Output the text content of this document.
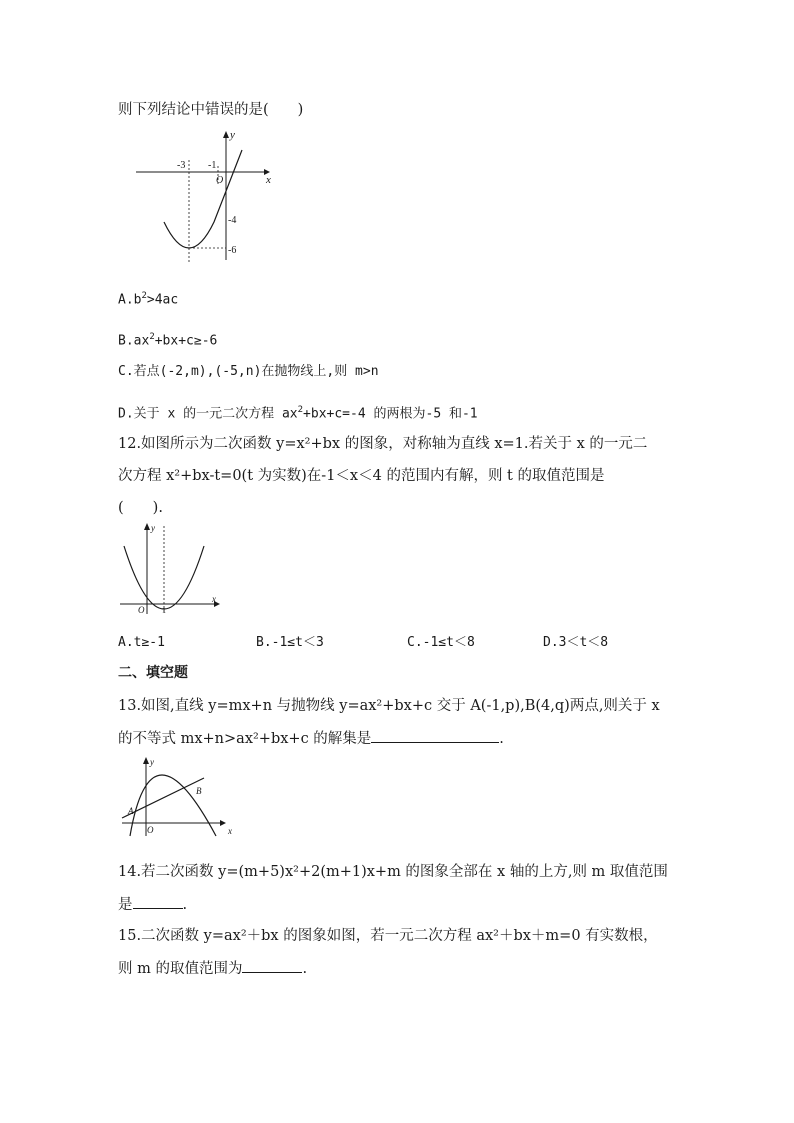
则下列结论中错误的是(　　)
x
y
O
-3 -1
-4
-6
$A.b^2>4ac$
$B.ax^2+bx+c\ge-6$
C.若点(-2,m),(-5,n)在抛物线上,则 m>n
D.关于 x 的一元二次方程 $ax^2+bx+c=-4$ 的两根为-5 和-1
12.如图所示为二次函数 y=x²+bx 的图象，对称轴为直线 x=1.若关于 x 的一元二
次方程 x²+bx-t=0(t 为实数)在-1＜x＜4 的范围内有解，则 t 的取值范围是
(　　).
x
y
O 1
A.t≥-1	B.-1≤t＜3	C.-1≤t＜8	D.3＜t＜8
二、填空题
13.如图,直线 y=mx+n 与抛物线 y=ax²+bx+c 交于 A(-1,p),B(4,q)两点,则关于 x
的不等式 mx+n>ax²+bx+c 的解集是	.
x
y
O
A
B
14.若二次函数 y=(m+5)x²+2(m+1)x+m 的图象全部在 x 轴的上方,则 m 取值范围
是	.
15.二次函数 y=ax²＋bx 的图象如图，若一元二次方程 ax²＋bx＋m=0 有实数根，
则 m 的取值范围为	.
